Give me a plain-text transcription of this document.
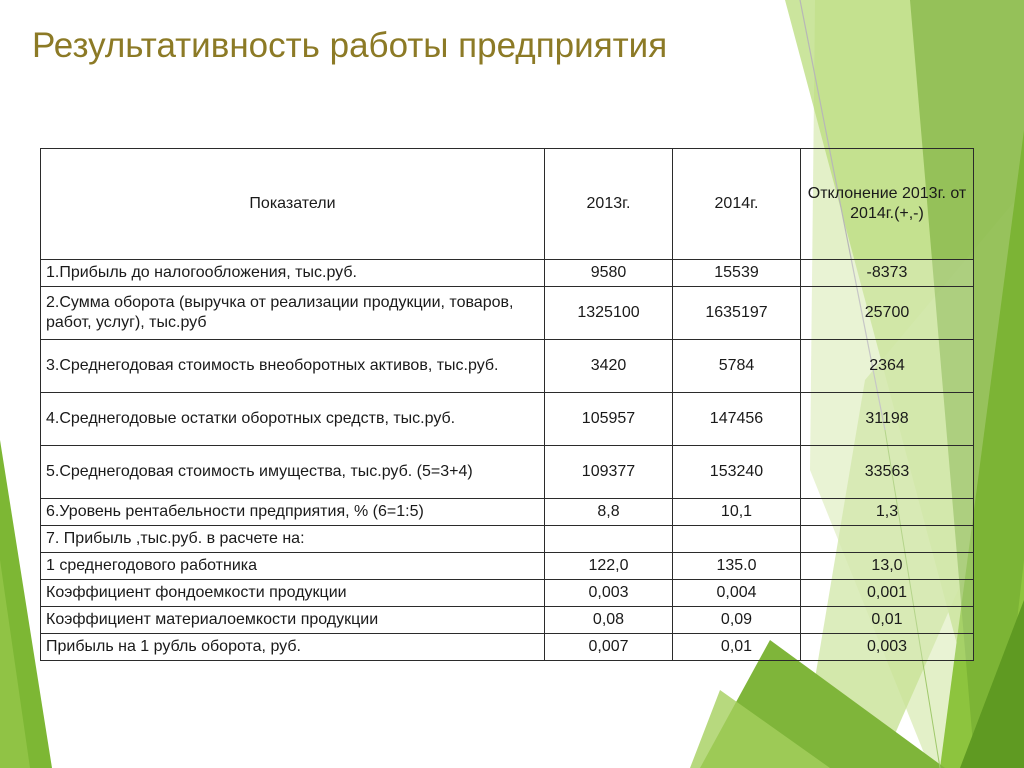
Результативность работы предприятия
Показатели	2013г.	2014г.	Отклонение 2013г. от 2014г.(+,-)
1.Прибыль до налогообложения, тыс.руб.	9580	15539	-8373
2.Сумма оборота (выручка от реализации продукции, товаров, работ, услуг), тыс.руб	1325100	1635197	25700
3.Среднегодовая стоимость внеоборотных активов, тыс.руб.	3420	5784	2364
4.Среднегодовые остатки оборотных средств, тыс.руб.	105957	147456	31198
5.Среднегодовая стоимость имущества, тыс.руб. (5=3+4)	109377	153240	33563
6.Уровень рентабельности предприятия, % (6=1:5)	8,8	10,1	1,3
7. Прибыль ,тыс.руб. в расчете на:			
1 среднегодового работника	122,0	135.0	13,0
Коэффициент фондоемкости продукции	0,003	0,004	0,001
Коэффициент материалоемкости продукции	0,08	0,09	0,01
Прибыль на 1 рубль оборота, руб.	0,007	0,01	0,003
